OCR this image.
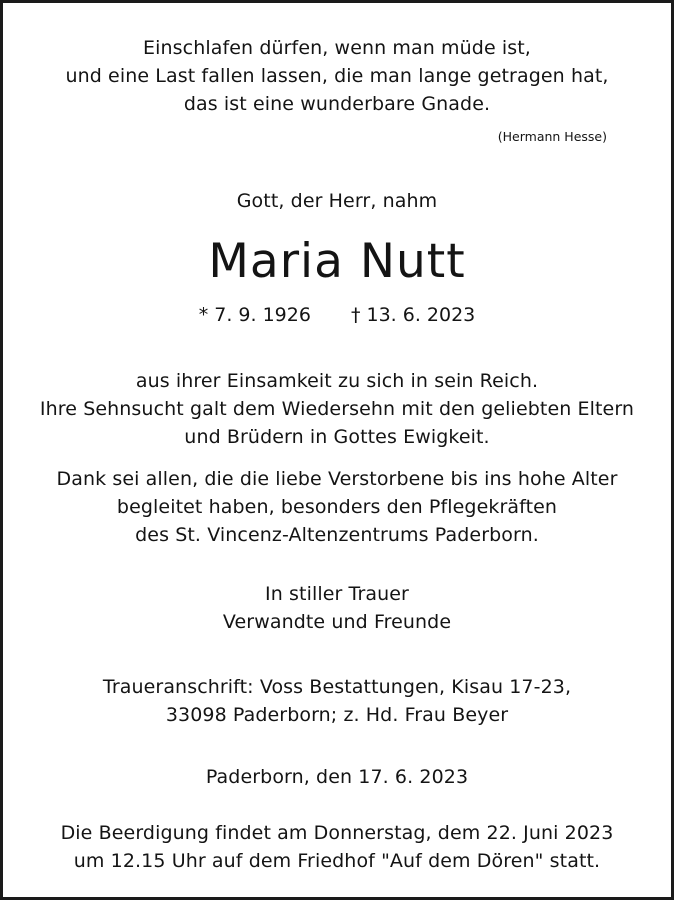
Einschlafen dürfen, wenn man müde ist,
und eine Last fallen lassen, die man lange getragen hat,
das ist eine wunderbare Gnade.
(Hermann Hesse)
Gott, der Herr, nahm
Maria Nutt
* 7. 9. 1926 † 13. 6. 2023
aus ihrer Einsamkeit zu sich in sein Reich.
Ihre Sehnsucht galt dem Wiedersehn mit den geliebten Eltern
und Brüdern in Gottes Ewigkeit.
Dank sei allen, die die liebe Verstorbene bis ins hohe Alter
begleitet haben, besonders den Pflegekräften
des St. Vincenz-Altenzentrums Paderborn.
In stiller Trauer
Verwandte und Freunde
Traueranschrift: Voss Bestattungen, Kisau 17-23,
33098 Paderborn; z. Hd. Frau Beyer
Paderborn, den 17. 6. 2023
Die Beerdigung findet am Donnerstag, dem 22. Juni 2023
um 12.15 Uhr auf dem Friedhof "Auf dem Dören" statt.
